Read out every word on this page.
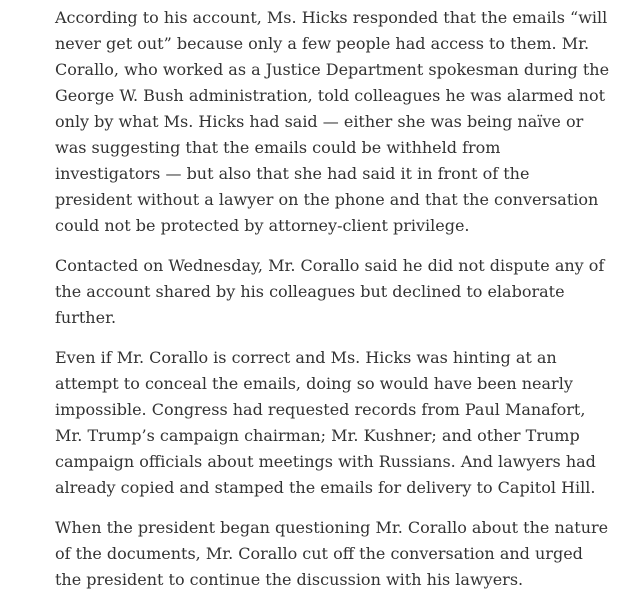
According to his account, Ms. Hicks responded that the emails “will never get out” because only a few people had access to them. Mr. Corallo, who worked as a Justice Department spokesman during the George W. Bush administration, told colleagues he was alarmed not only by what Ms. Hicks had said — either she was being naïve or was suggesting that the emails could be withheld from investigators — but also that she had said it in front of the president without a lawyer on the phone and that the conversation could not be protected by attorney-client privilege.

Contacted on Wednesday, Mr. Corallo said he did not dispute any of the account shared by his colleagues but declined to elaborate further.

Even if Mr. Corallo is correct and Ms. Hicks was hinting at an attempt to conceal the emails, doing so would have been nearly impossible. Congress had requested records from Paul Manafort, Mr. Trump’s campaign chairman; Mr. Kushner; and other Trump campaign officials about meetings with Russians. And lawyers had already copied and stamped the emails for delivery to Capitol Hill.

When the president began questioning Mr. Corallo about the nature of the documents, Mr. Corallo cut off the conversation and urged the president to continue the discussion with his lawyers.
